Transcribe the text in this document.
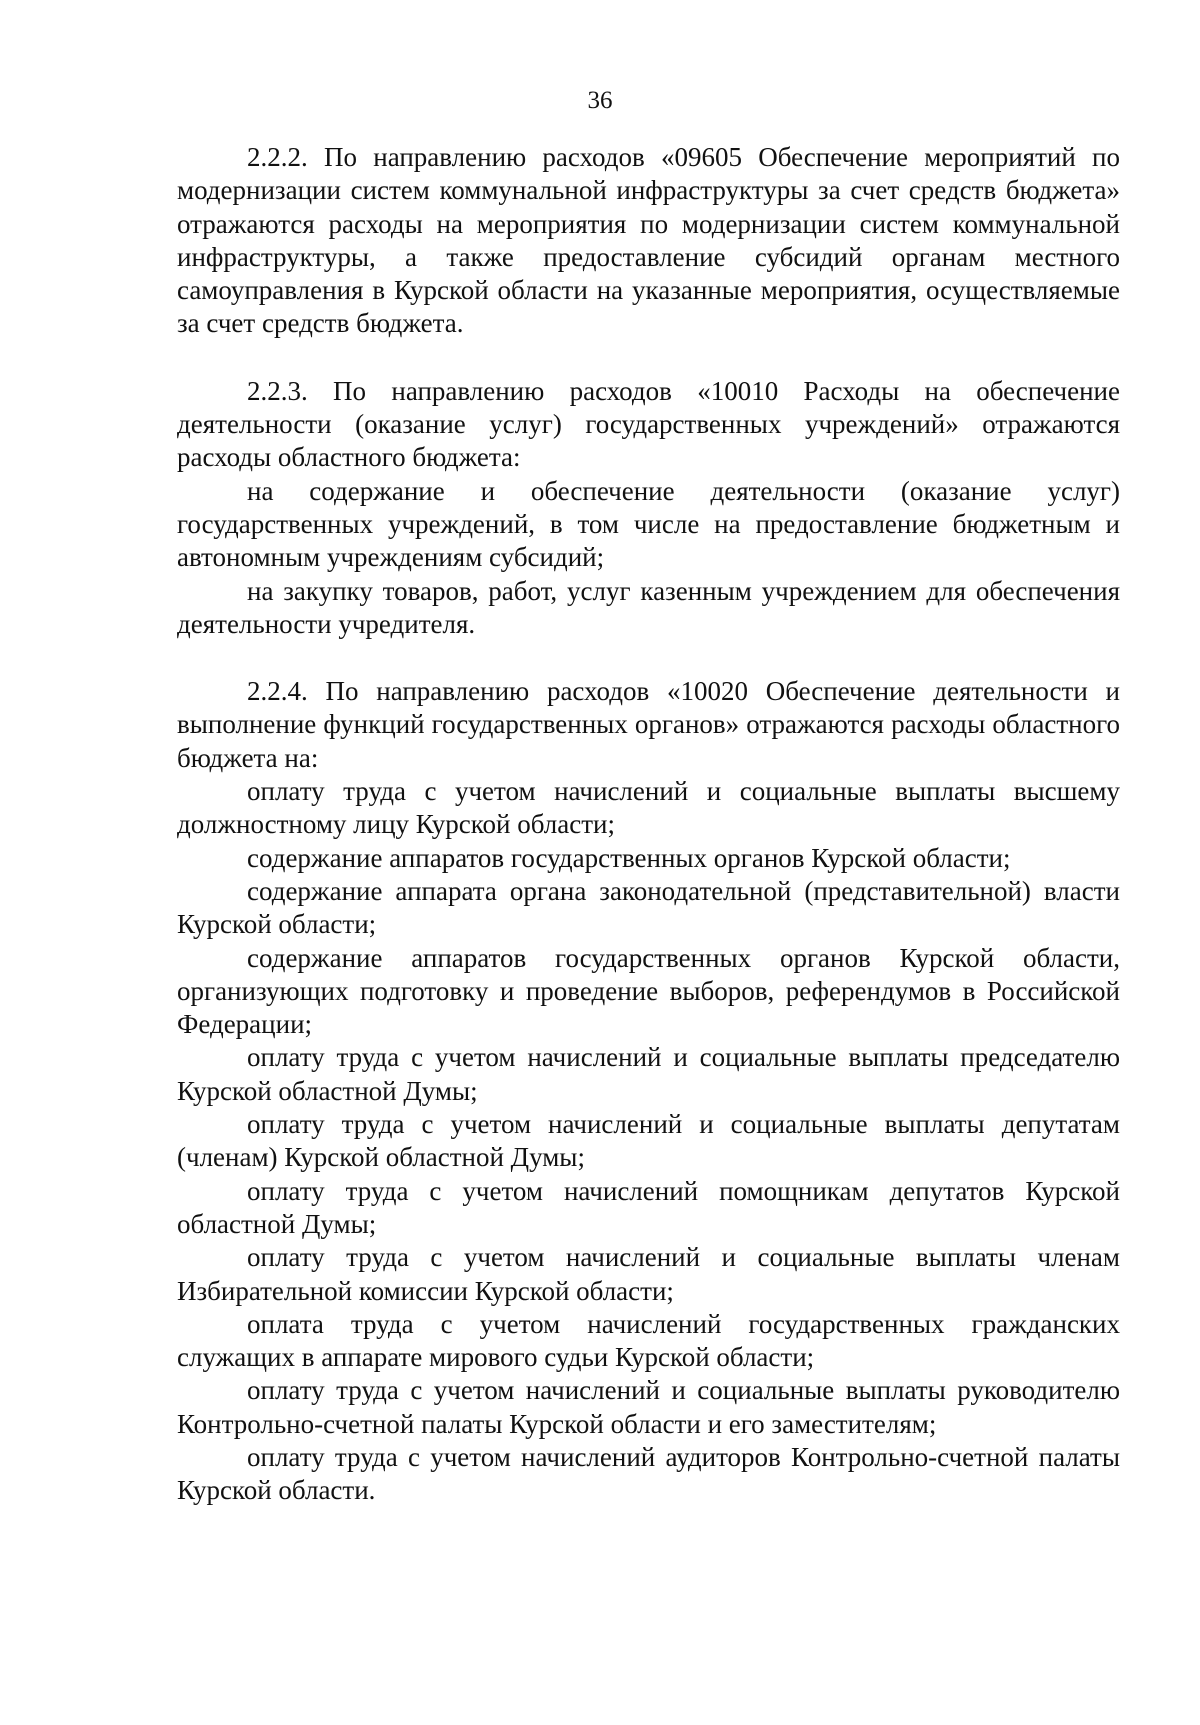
36

2.2.2. По направлению расходов «09605 Обеспечение мероприятий по модернизации систем коммунальной инфраструктуры за счет средств бюджета» отражаются расходы на мероприятия по модернизации систем коммунальной инфраструктуры, а также предоставление субсидий органам местного самоуправления в Курской области на указанные мероприятия, осуществляемые за счет средств бюджета.

2.2.3. По направлению расходов «10010 Расходы на обеспечение деятельности (оказание услуг) государственных учреждений» отражаются расходы областного бюджета:

на содержание и обеспечение деятельности (оказание услуг) государственных учреждений, в том числе на предоставление бюджетным и автономным учреждениям субсидий;

на закупку товаров, работ, услуг казенным учреждением для обеспечения деятельности учредителя.

2.2.4. По направлению расходов «10020 Обеспечение деятельности и выполнение функций государственных органов» отражаются расходы областного бюджета на:

оплату труда с учетом начислений и социальные выплаты высшему должностному лицу Курской области;

содержание аппаратов государственных органов Курской области;

содержание аппарата органа законодательной (представительной) власти Курской области;

содержание аппаратов государственных органов Курской области, организующих подготовку и проведение выборов, референдумов в Российской Федерации;

оплату труда с учетом начислений и социальные выплаты председателю Курской областной Думы;

оплату труда с учетом начислений и социальные выплаты депутатам (членам) Курской областной Думы;

оплату труда с учетом начислений помощникам депутатов Курской областной Думы;

оплату труда с учетом начислений и социальные выплаты членам Избирательной комиссии Курской области;

оплата труда с учетом начислений государственных гражданских служащих в аппарате мирового судьи Курской области;

оплату труда с учетом начислений и социальные выплаты руководителю Контрольно-счетной палаты Курской области и его заместителям;

оплату труда с учетом начислений аудиторов Контрольно-счетной палаты Курской области.
